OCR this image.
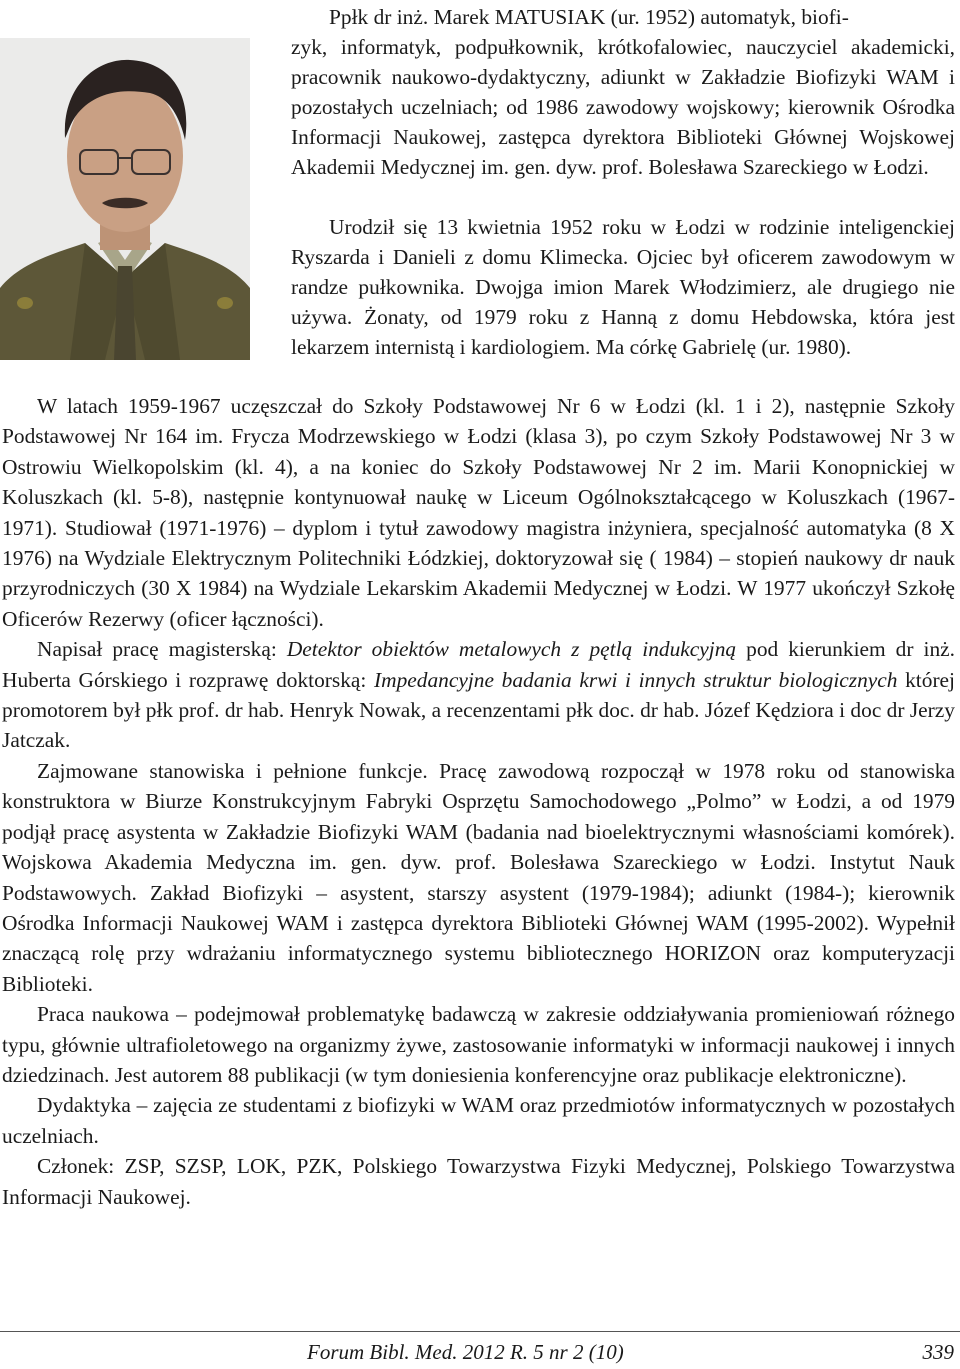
Ppłk dr inż. Marek MATUSIAK (ur. 1952) automatyk, biofi-
zyk, informatyk, podpułkownik, krótkofalowiec, nauczyciel akademicki, pracownik naukowo-dydaktyczny, adiunkt w Zakładzie Biofizyki WAM i pozostałych uczelniach; od 1986 zawodowy wojskowy; kierownik Ośrodka Informacji Naukowej, zastępca dyrektora Biblioteki Głównej Wojskowej Akademii Medycznej im. gen. dyw. prof. Bolesława Szareckiego w Łodzi.

Urodził się 13 kwietnia 1952 roku w Łodzi w rodzinie inteligenckiej Ryszarda i Danieli z domu Klimecka. Ojciec był oficerem zawodowym w randze pułkownika. Dwojga imion Marek Włodzimierz, ale drugiego nie używa. Żonaty, od 1979 roku z Hanną z domu Hebdowska, która jest lekarzem internistą i kardiologiem. Ma córkę Gabrielę (ur. 1980).

W latach 1959-1967 uczęszczał do Szkoły Podstawowej Nr 6 w Łodzi (kl. 1 i 2), następnie Szkoły Podstawowej Nr 164 im. Frycza Modrzewskiego w Łodzi (klasa 3), po czym Szkoły Podstawowej Nr 3 w Ostrowiu Wielkopolskim (kl. 4), a na koniec do Szkoły Podstawowej Nr 2 im. Marii Konopnickiej w Koluszkach (kl. 5-8), następnie kontynuował naukę w Liceum Ogólnokształcącego w Koluszkach (1967-1971). Studiował (1971-1976) – dyplom i tytuł zawodowy magistra inżyniera, specjalność automatyka (8 X 1976) na Wydziale Elektrycznym Politechniki Łódzkiej, doktoryzował się ( 1984) – stopień naukowy dr nauk przyrodniczych (30 X 1984) na Wydziale Lekarskim Akademii Medycznej w Łodzi. W 1977 ukończył Szkołę Oficerów Rezerwy (oficer łączności).

Napisał pracę magisterską: Detektor obiektów metalowych z pętlą indukcyjną pod kierunkiem dr inż. Huberta Górskiego i rozprawę doktorską: Impedancyjne badania krwi i innych struktur biologicznych której promotorem był płk prof. dr hab. Henryk Nowak, a recenzentami płk doc. dr hab. Józef Kędziora i doc dr Jerzy Jatczak.

Zajmowane stanowiska i pełnione funkcje. Pracę zawodową rozpoczął w 1978 roku od stanowiska konstruktora w Biurze Konstrukcyjnym Fabryki Osprzętu Samochodowego „Polmo” w Łodzi, a od 1979 podjął pracę asystenta w Zakładzie Biofizyki WAM (badania nad bioelektrycznymi własnościami komórek). Wojskowa Akademia Medyczna im. gen. dyw. prof. Bolesława Szareckiego w Łodzi. Instytut Nauk Podstawowych. Zakład Biofizyki – asystent, starszy asystent (1979-1984); adiunkt (1984-); kierownik Ośrodka Informacji Naukowej WAM i zastępca dyrektora Biblioteki Głównej WAM (1995-2002). Wypełnił znaczącą rolę przy wdrażaniu informatycznego systemu bibliotecznego HORIZON oraz komputeryzacji Biblioteki.

Praca naukowa – podejmował problematykę badawczą w zakresie oddziaływania promieniowań różnego typu, głównie ultrafioletowego na organizmy żywe, zastosowanie informatyki w informacji naukowej i innych dziedzinach. Jest autorem 88 publikacji (w tym doniesienia konferencyjne oraz publikacje elektroniczne).

Dydaktyka – zajęcia ze studentami z biofizyki w WAM oraz przedmiotów informatycznych w pozostałych uczelniach.

Członek: ZSP, SZSP, LOK, PZK, Polskiego Towarzystwa Fizyki Medycznej, Polskiego Towarzystwa Informacji Naukowej.

Forum Bibl. Med. 2012 R. 5 nr 2 (10)	339
